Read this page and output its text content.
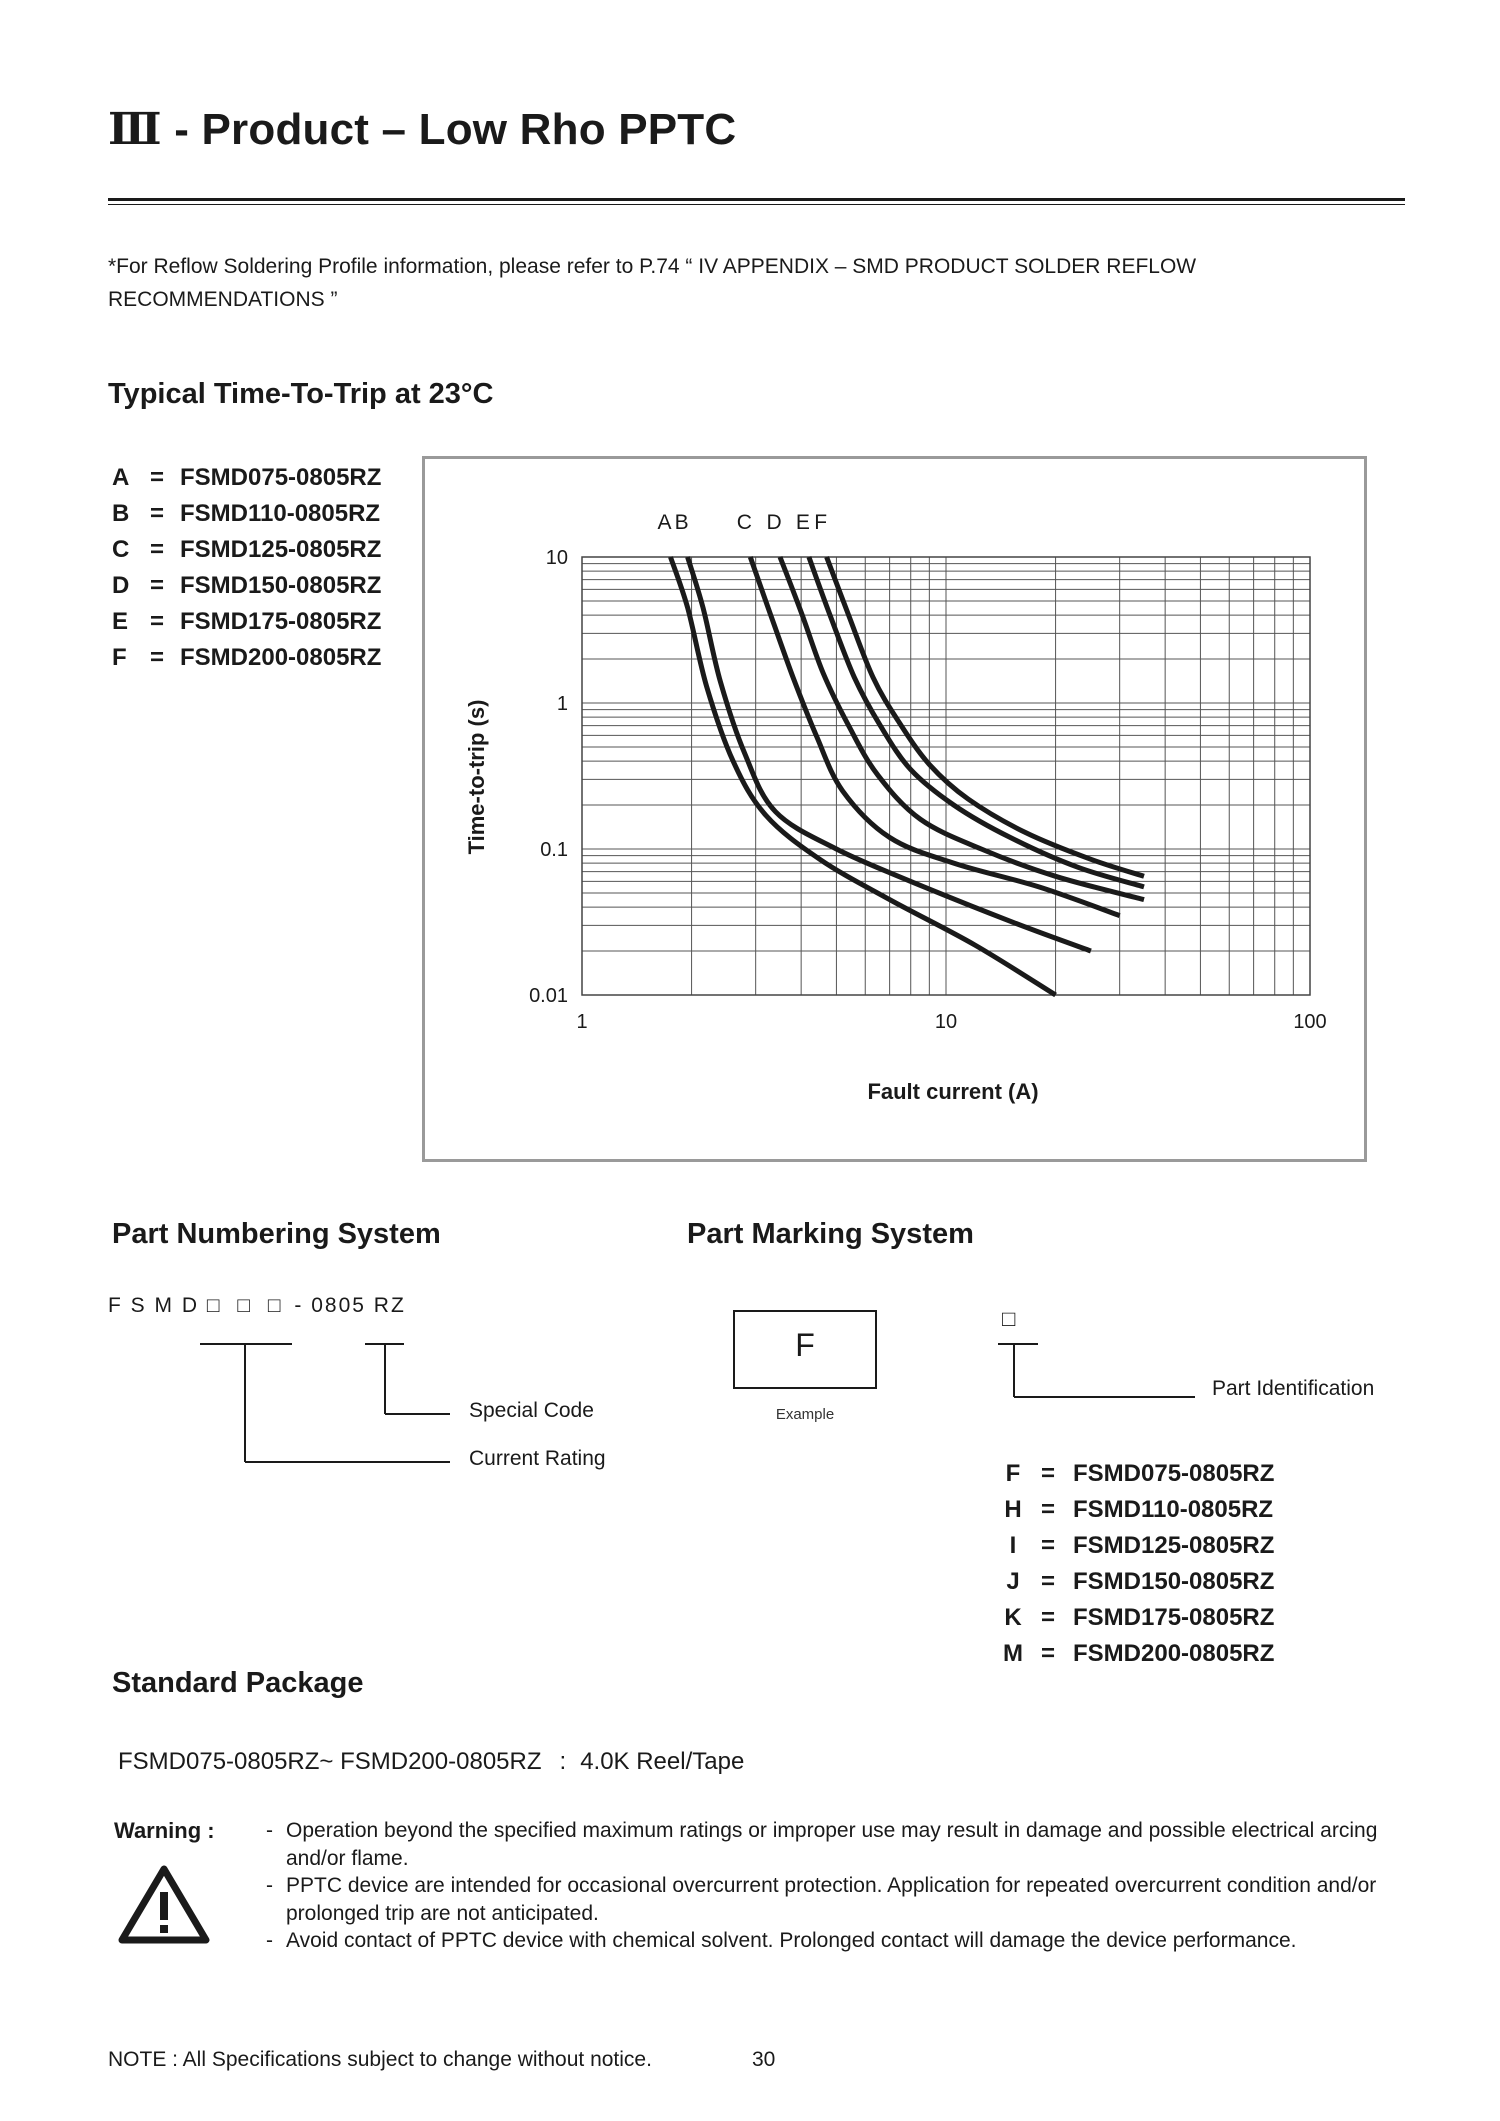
Ⅲ - Product – Low Rho PPTC
*For Reflow Soldering Profile information, please refer to P.74 “ IV APPENDIX – SMD PRODUCT SOLDER REFLOW RECOMMENDATIONS ”
Typical Time-To-Trip at 23°C
A = FSMD075-0805RZ
B = FSMD110-0805RZ
C = FSMD125-0805RZ
D = FSMD150-0805RZ
E = FSMD175-0805RZ
F = FSMD200-0805RZ
10
1
0.1
0.01
1	10	100
Fault current (A)
Time-to-trip (s)
A B C D E F
Part Numbering System
F S M D □ □ □ - 0805 RZ
Special Code
Current Rating
Part Marking System
F
Example
□
Part Identification
F = FSMD075-0805RZ
H = FSMD110-0805RZ
I	= FSMD125-0805RZ
J = FSMD150-0805RZ
K = FSMD175-0805RZ
M = FSMD200-0805RZ
Standard Package
FSMD075-0805RZ~ FSMD200-0805RZ : 4.0K Reel/Tape
Warning : - Operation beyond the specified maximum ratings or improper use may result in damage and possible electrical arcing and/or flame.
- PPTC device are intended for occasional overcurrent protection. Application for repeated overcurrent condition and/or prolonged trip are not anticipated.
- Avoid contact of PPTC device with chemical solvent. Prolonged contact will damage the device performance.
NOTE : All Specifications subject to change without notice.	30
